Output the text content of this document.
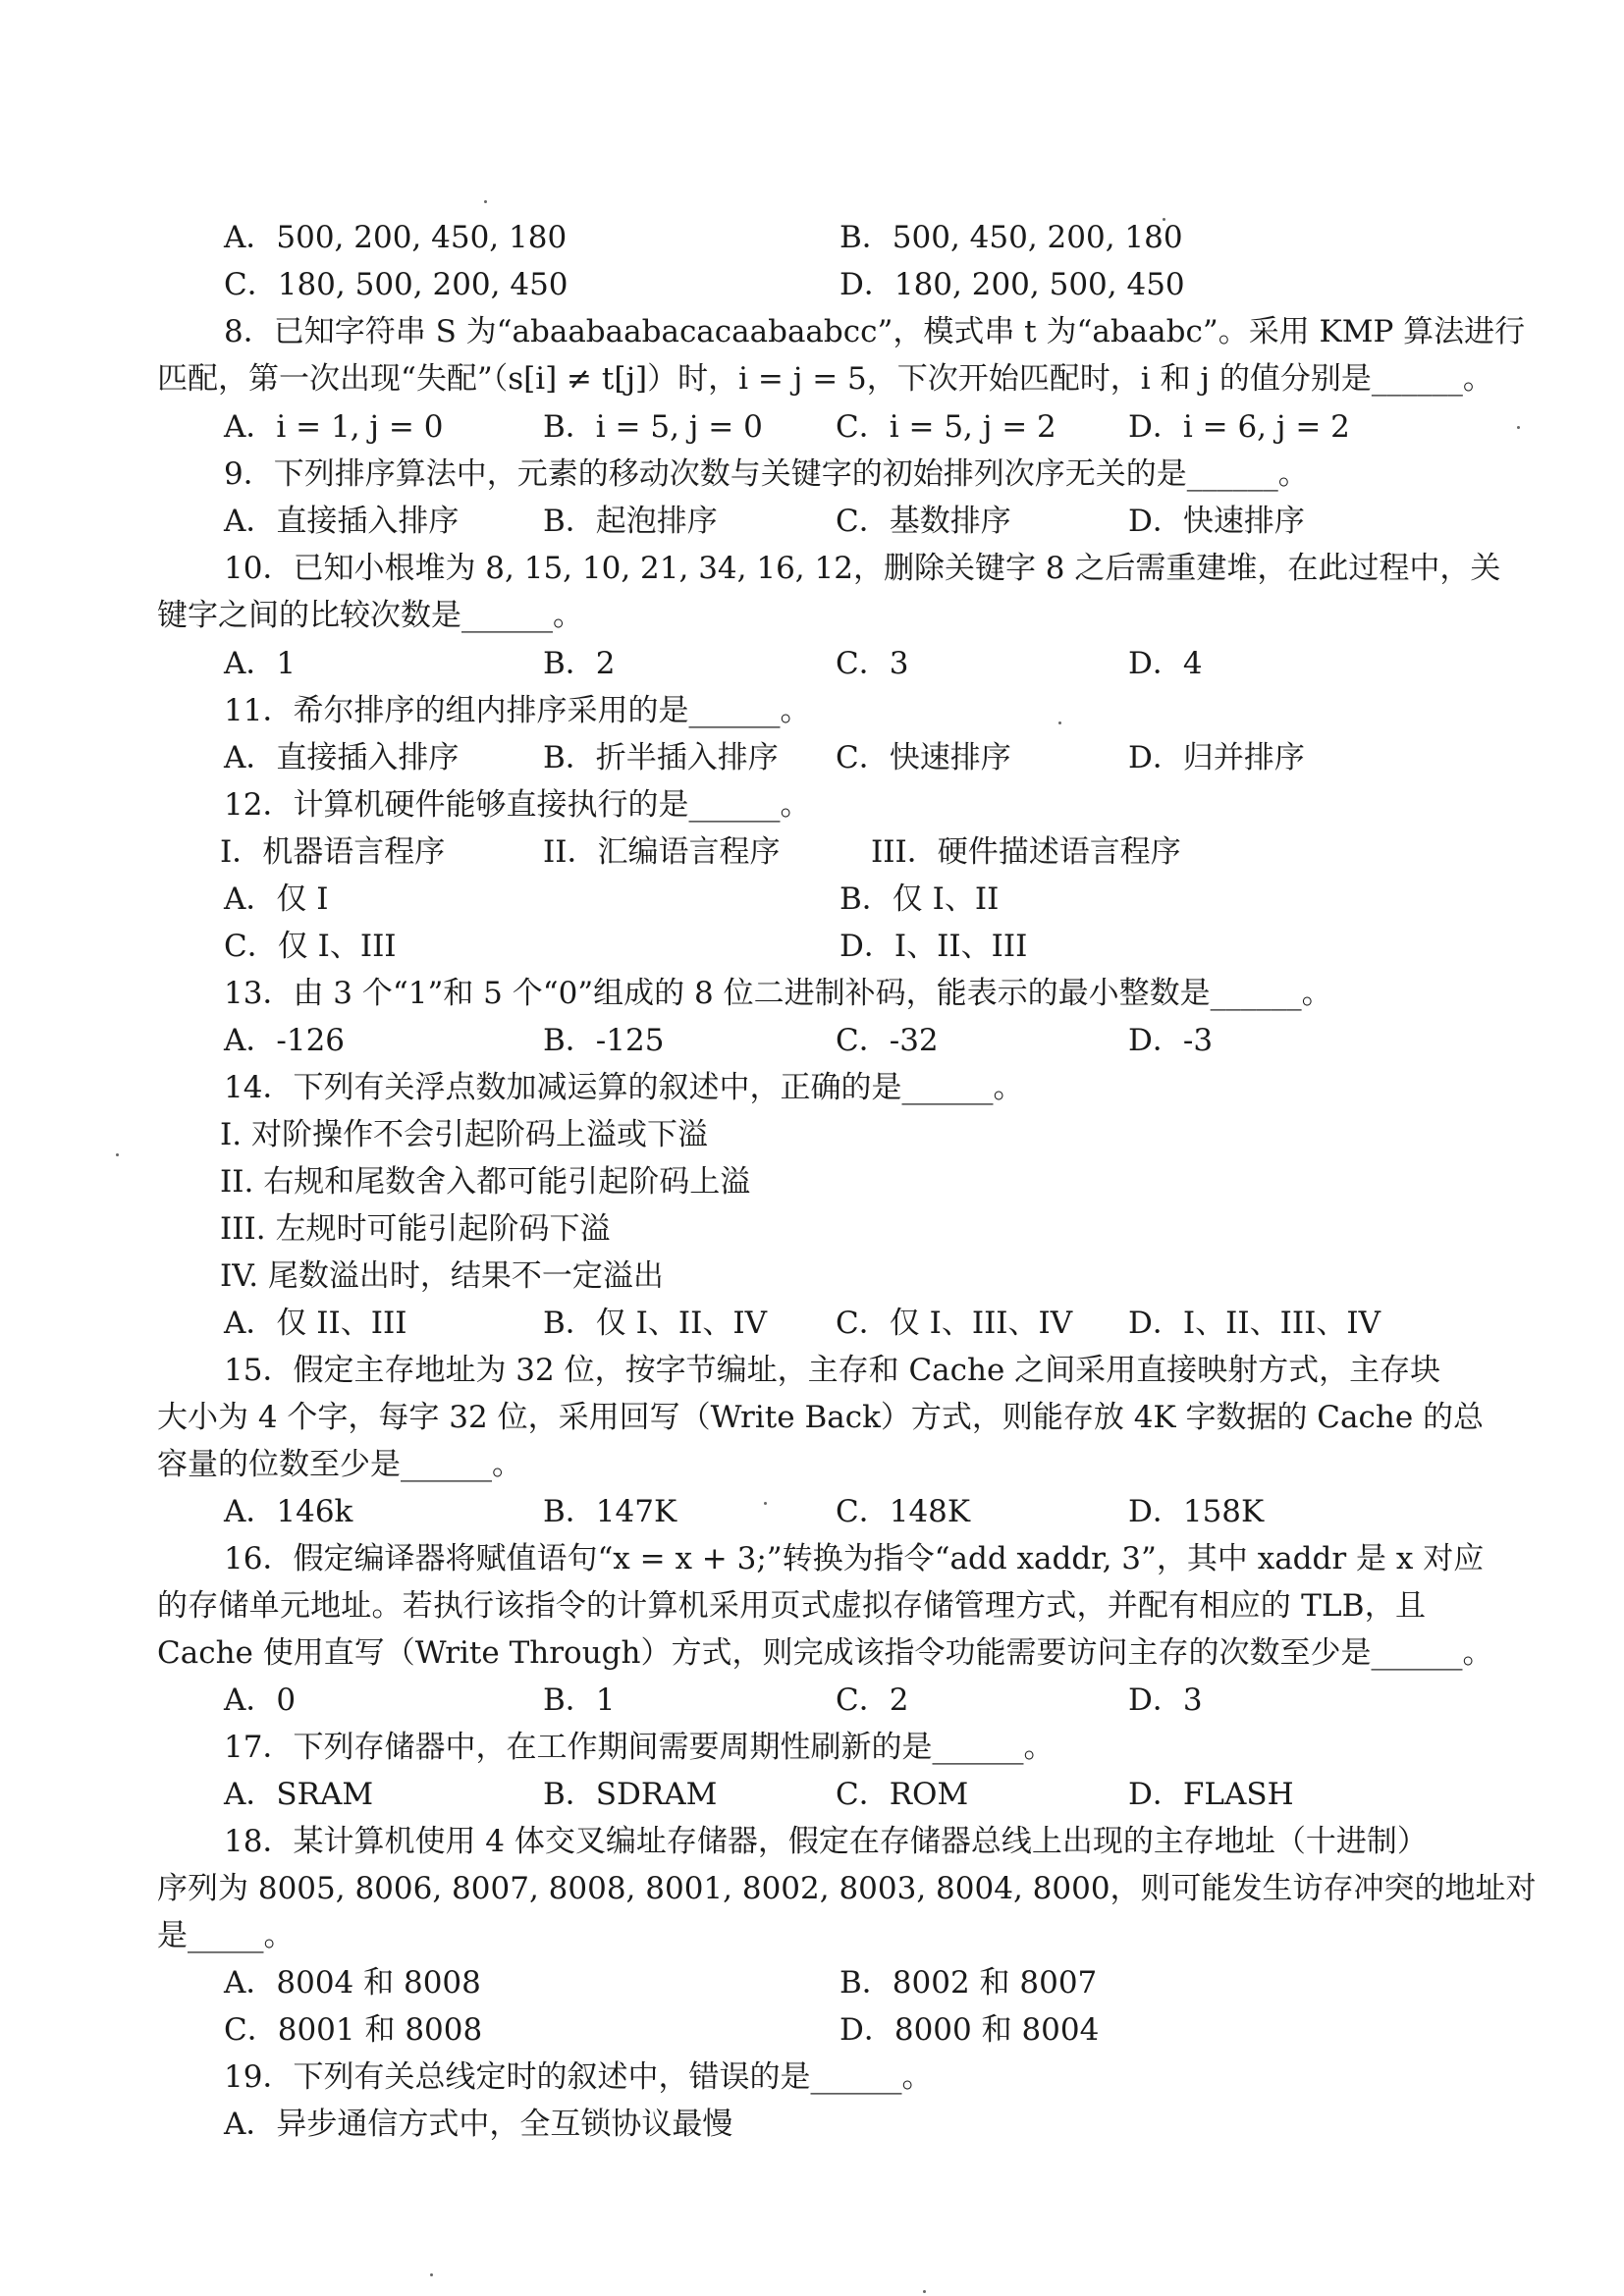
A．500, 200, 450, 180	B．500, 450, 200, 180
C．180, 500, 200, 450	D．180, 200, 500, 450
8．已知字符串 S 为“abaabaabacacaabaabcc”，模式串 t 为“abaabc”。采用 KMP 算法进行
匹配，第一次出现“失配”（s[i] ≠ t[j]）时，i = j = 5，下次开始匹配时，i 和 j 的值分别是______。
A．i = 1, j = 0	B．i = 5, j = 0 C．i = 5, j = 2 D．i = 6, j = 2
9．下列排序算法中，元素的移动次数与关键字的初始排列次序无关的是______。
A．直接插入排序	B．起泡排序	C．基数排序	D．快速排序
10．已知小根堆为 8, 15, 10, 21, 34, 16, 12，删除关键字 8 之后需重建堆，在此过程中，关
键字之间的比较次数是______。
A．1	B．2	C．3	D．4
11．希尔排序的组内排序采用的是______。
A．直接插入排序	B．折半插入排序 C．快速排序	D．归并排序
12．计算机硬件能够直接执行的是______。
I．机器语言程序	II．汇编语言程序	III．硬件描述语言程序
A．仅 I	B．仅 I、II
C．仅 I、III	D．I、II、III
13．由 3 个“1”和 5 个“0”组成的 8 位二进制补码，能表示的最小整数是______。
A．-126	B．-125	C．-32	D．-3
14．下列有关浮点数加减运算的叙述中，正确的是______。
I. 对阶操作不会引起阶码上溢或下溢
II. 右规和尾数舍入都可能引起阶码上溢
III. 左规时可能引起阶码下溢
IV. 尾数溢出时，结果不一定溢出
A．仅 II、III	B．仅 I、II、IV C．仅 I、III、IV D．I、II、III、IV
15．假定主存地址为 32 位，按字节编址，主存和 Cache 之间采用直接映射方式，主存块
大小为 4 个字，每字 32 位，采用回写（Write Back）方式，则能存放 4K 字数据的 Cache 的总
容量的位数至少是______。
A．146k	B．147K	C．148K	D．158K
16．假定编译器将赋值语句“x = x + 3;”转换为指令“add xaddr, 3”，其中 xaddr 是 x 对应
的存储单元地址。若执行该指令的计算机采用页式虚拟存储管理方式，并配有相应的 TLB，且
Cache 使用直写（Write Through）方式，则完成该指令功能需要访问主存的次数至少是______。
A．0	B．1	C．2	D．3
17．下列存储器中，在工作期间需要周期性刷新的是______。
A．SRAM	B．SDRAM	C．ROM	D．FLASH
18．某计算机使用 4 体交叉编址存储器，假定在存储器总线上出现的主存地址（十进制）
序列为 8005, 8006, 8007, 8008, 8001, 8002, 8003, 8004, 8000，则可能发生访存冲突的地址对
是_____。
A．8004 和 8008	B．8002 和 8007
C．8001 和 8008	D．8000 和 8004
19．下列有关总线定时的叙述中，错误的是______。
A．异步通信方式中，全互锁协议最慢
